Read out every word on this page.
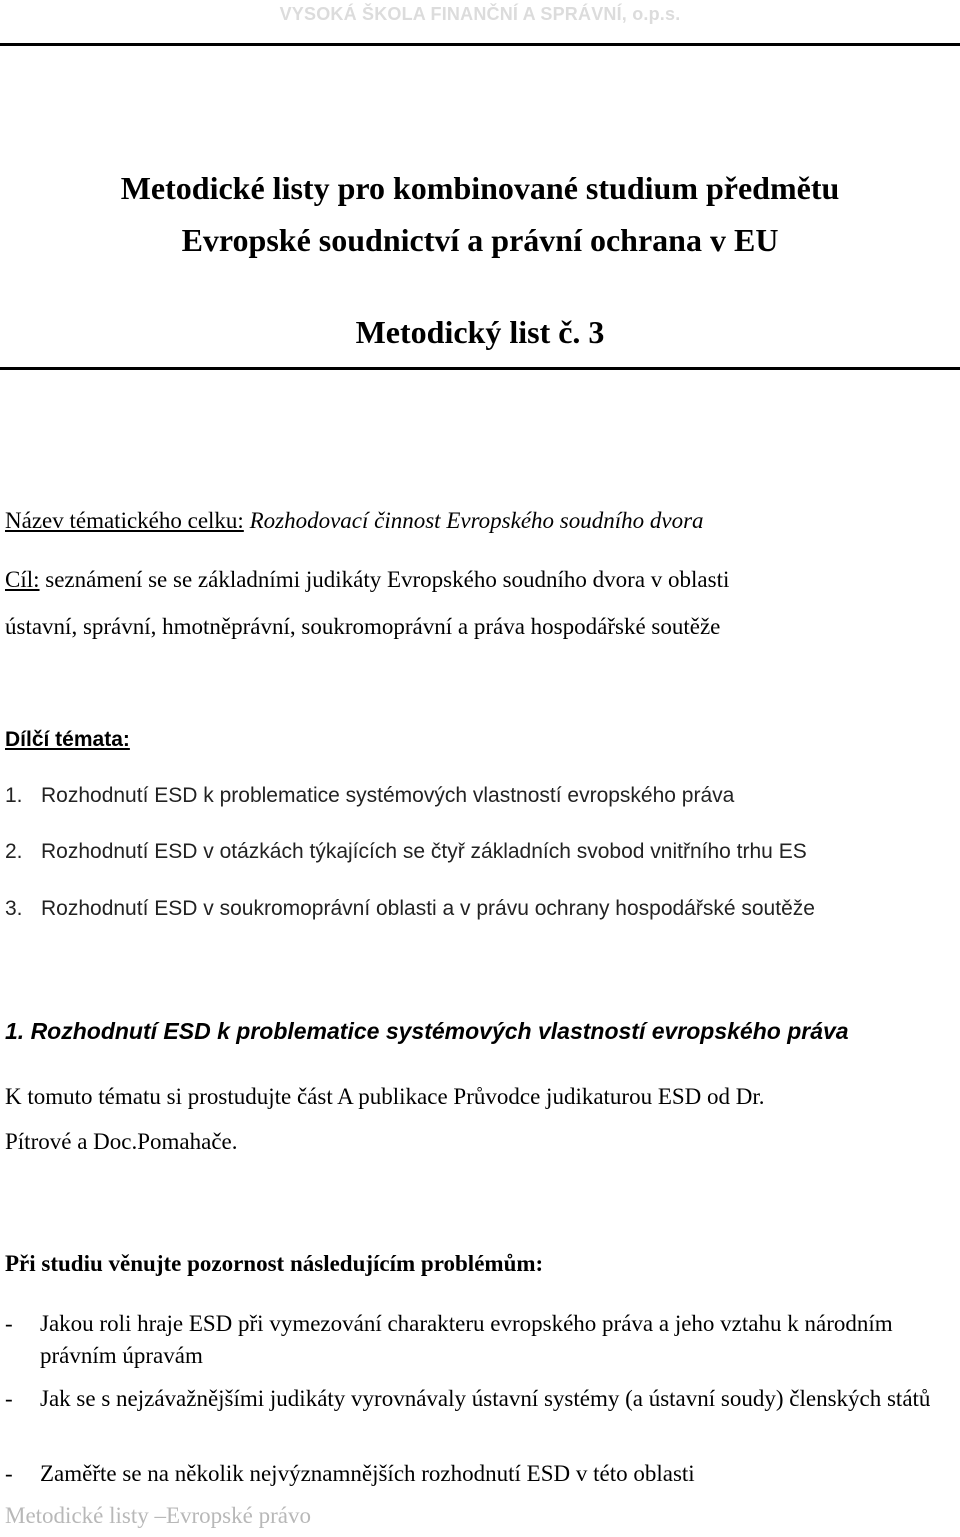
VYSOKÁ ŠKOLA FINANČNÍ A SPRÁVNÍ, o.p.s.
Metodické listy pro kombinované studium předmětu
Evropské soudnictví a právní ochrana v EU
Metodický list č. 3
Název tématického celku: Rozhodovací činnost Evropského soudního dvora
Cíl: seznámení se se základními judikáty Evropského soudního dvora v oblasti
ústavní, správní, hmotněprávní, soukromoprávní a práva hospodářské soutěže
Dílčí témata:
1. Rozhodnutí ESD k problematice systémových vlastností evropského práva
2. Rozhodnutí ESD v otázkách týkajících se čtyř základních svobod vnitřního trhu ES
3. Rozhodnutí ESD v soukromoprávní oblasti a v právu ochrany hospodářské soutěže
1. Rozhodnutí ESD k problematice systémových vlastností evropského práva
K tomuto tématu si prostudujte část A publikace Průvodce judikaturou ESD od Dr.
Pítrové a Doc.Pomahače.
Při studiu věnujte pozornost následujícím problémům:
- Jakou roli hraje ESD při vymezování charakteru evropského práva a jeho vztahu k národním právním úpravám
- Jak se s nejzávažnějšími judikáty vyrovnávaly ústavní systémy (a ústavní soudy) členských států
- Zaměřte se na několik nejvýznamnějších rozhodnutí ESD v této oblasti
Metodické listy –Evropské právo
